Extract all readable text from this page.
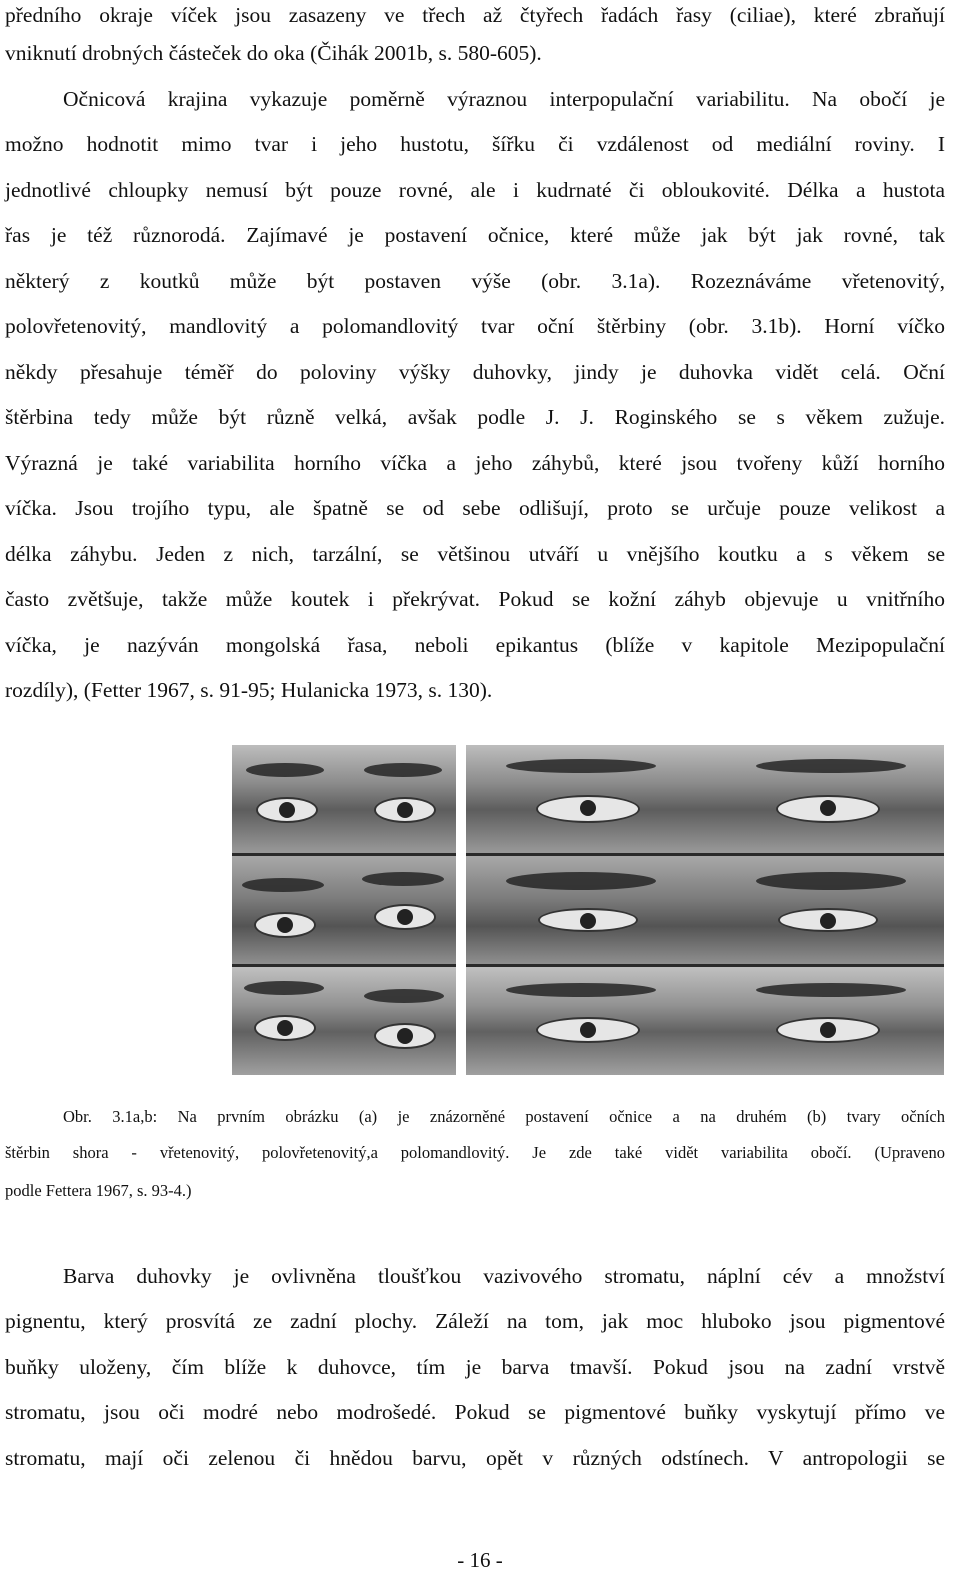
předního okraje víček jsou zasazeny ve třech až čtyřech řadách řasy (ciliae), které zbraňují
vniknutí drobných částeček do oka (Čihák 2001b, s. 580-605).
Očnicová krajina vykazuje poměrně výraznou interpopulační variabilitu. Na obočí je
možno hodnotit mimo tvar i jeho hustotu, šířku či vzdálenost od mediální roviny. I
jednotlivé chloupky nemusí být pouze rovné, ale i kudrnaté či obloukovité. Délka a hustota
řas je též různorodá. Zajímavé je postavení očnice, které může jak být jak rovné, tak
některý z koutků může být postaven výše (obr. 3.1a). Rozeznáváme vřetenovitý,
polovřetenovitý, mandlovitý a polomandlovitý tvar oční štěrbiny (obr. 3.1b). Horní víčko
někdy přesahuje téměř do poloviny výšky duhovky, jindy je duhovka vidět celá. Oční
štěrbina tedy může být různě velká, avšak podle J. J. Roginského se s věkem zužuje.
Výrazná je také variabilita horního víčka a jeho záhybů, které jsou tvořeny kůží horního
víčka. Jsou trojího typu, ale špatně se od sebe odlišují, proto se určuje pouze velikost a
délka záhybu. Jeden z nich, tarzální, se většinou utváří u vnějšího koutku a s věkem se
často zvětšuje, takže může koutek i překrývat. Pokud se kožní záhyb objevuje u vnitřního
víčka, je nazýván mongolská řasa, neboli epikantus (blíže v kapitole Mezipopulační
rozdíly), (Fetter 1967, s. 91-95; Hulanicka 1973, s. 130).
Obr. 3.1a,b: Na prvním obrázku (a) je znázorněné postavení očnice a na druhém (b) tvary očních
štěrbin shora - vřetenovitý, polovřetenovitý,a polomandlovitý. Je zde také vidět variabilita obočí. (Upraveno
podle Fettera 1967, s. 93-4.)
Barva duhovky je ovlivněna tloušťkou vazivového stromatu, náplní cév a množství
pignentu, který prosvítá ze zadní plochy. Záleží na tom, jak moc hluboko jsou pigmentové
buňky uloženy, čím blíže k duhovce, tím je barva tmavší. Pokud jsou na zadní vrstvě
stromatu, jsou oči modré nebo modrošedé. Pokud se pigmentové buňky vyskytují přímo ve
stromatu, mají oči zelenou či hnědou barvu, opět v různých odstínech. V antropologii se
- 16 -
